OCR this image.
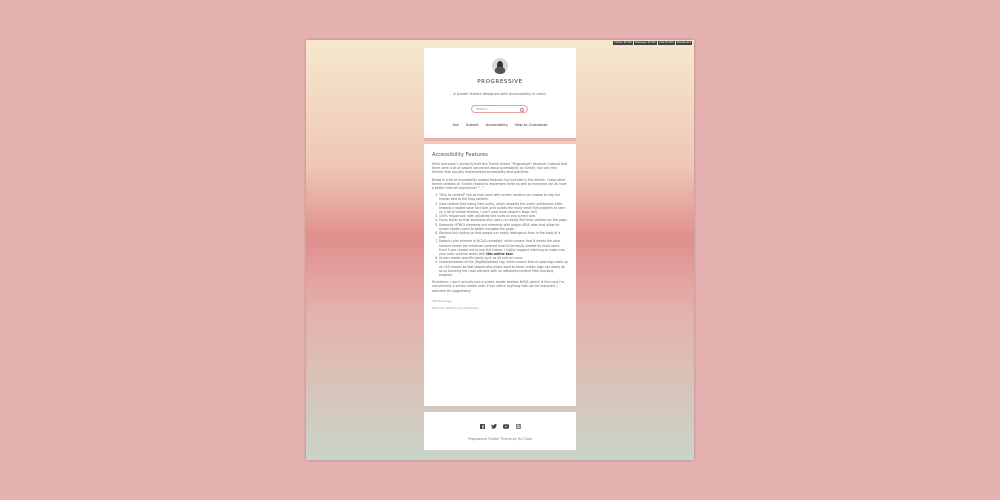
Follow Tumblr	Massage Tumblr	Like Tumblr	Dashboard
PROGRESSIVE
A tumblr theme designed with accessibility in mind.
Search...
Ask Submit Accessibility How to Customize
Accessibility Features

Hello everyone! I primarily built this Tumblr theme "Progressive" because I noticed that there were a lot of people concerned about accessibility on Tumblr, but very few themes that actually implemented accessibility best practices.

Below is a list of accessibility related features I've included in this theme. I hope other theme creators on Tumblr choose to implement these as well so everyone can all have a better internet experience! ^_^

1. "Skip to content" link so that users with screen readers can choose to skip the header text to the blog content.
2. Uses relative font sizing (rem units), which respects the users' preference while keeping a legible base font size (and avoids the really small font problem as seen on a lot of tumblr themes, I can't read most people's blogs lol!)
3. 100% responsive, with adjusting font sizes on any screen size.
4. Focus styles so that keyboard-only users can easily find their position on the page.
5. Semantic HTML5 elements and elements with proper ARIA roles that allow for screen reader users to better navigate the page.
6. Obvious link styling so that people can easily distinguish links in the body of a post.
7. Default color scheme is WCAG compliant, which means that it meets the color scheme meets the minimum contrast level to be easily viewed by most users. Even if you choose not to use this theme, I highly suggest checking to make sure your color scheme works with this online tool.
8. Screen reader specific labels such as alt text on icons.
9. Implementation of the (Tag/NoDoodel) tag, which means that all post tags show up as CSS classes so that people who might want to block certain tags can easily do so by blocking the class element with an adblocker/content filter blocking program.

Disclaimer: I don't actually own a screen reader besides NVDA (which is free) and I'm not primarily a screen reader user. If you notice anything that can be improved, I welcome all suggestions!

18 hours ago
#themes #theme documentation
Progressive Tumblr Theme by Yui Chan
